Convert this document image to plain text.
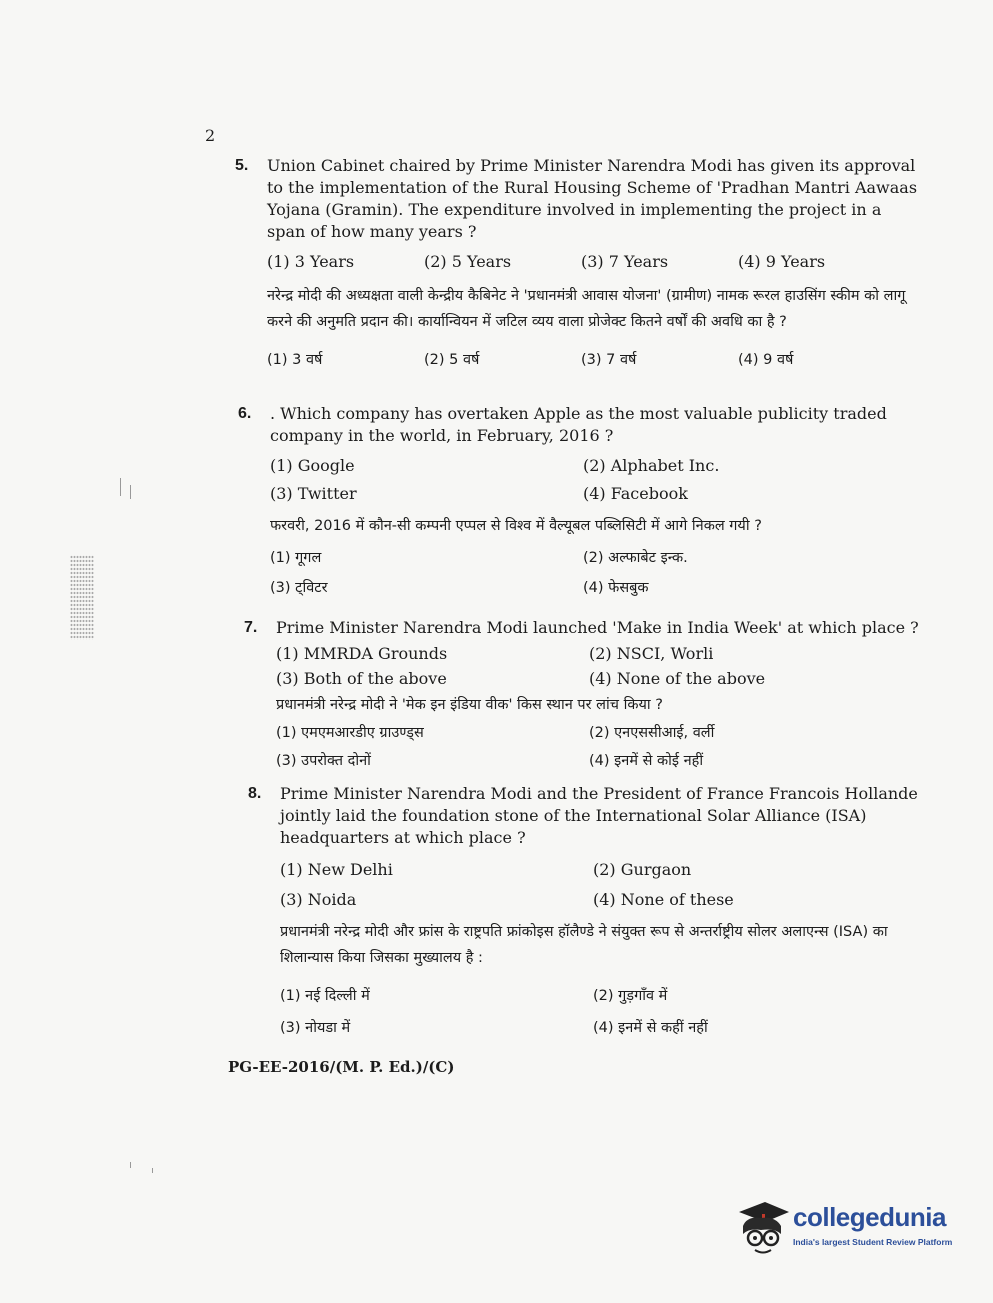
2
5. Union Cabinet chaired by Prime Minister Narendra Modi has given its approval to the implementation of the Rural Housing Scheme of 'Pradhan Mantri Aawaas Yojana (Gramin). The expenditure involved in implementing the project in a span of how many years ?
(1) 3 Years	(2) 5 Years	(3) 7 Years	(4) 9 Years
नरेन्द्र मोदी की अध्यक्षता वाली केन्द्रीय कैबिनेट ने 'प्रधानमंत्री आवास योजना' (ग्रामीण) नामक रूरल हाउसिंग स्कीम को लागू करने की अनुमति प्रदान की। कार्यान्वियन में जटिल व्यय वाला प्रोजेक्ट कितने वर्षों की अवधि का है ?
(1) 3 वर्ष	(2) 5 वर्ष	(3) 7 वर्ष	(4) 9 वर्ष
6. . Which company has overtaken Apple as the most valuable publicity traded company in the world, in February, 2016 ?
(1) Google	(2) Alphabet Inc.
(3) Twitter	(4) Facebook
फरवरी, 2016 में कौन-सी कम्पनी एप्पल से विश्व में वैल्यूबल पब्लिसिटी में आगे निकल गयी ?
(1) गूगल	(2) अल्फाबेट इन्क.
(3) ट्विटर	(4) फेसबुक
7. Prime Minister Narendra Modi launched 'Make in India Week' at which place ?
(1) MMRDA Grounds	(2) NSCI, Worli
(3) Both of the above	(4) None of the above
प्रधानमंत्री नरेन्द्र मोदी ने 'मेक इन इंडिया वीक' किस स्थान पर लांच किया ?
(1) एमएमआरडीए ग्राउण्ड्स	(2) एनएससीआई, वर्ली
(3) उपरोक्त दोनों	(4) इनमें से कोई नहीं
8. Prime Minister Narendra Modi and the President of France Francois Hollande jointly laid the foundation stone of the International Solar Alliance (ISA) headquarters at which place ?
(1) New Delhi	(2) Gurgaon
(3) Noida	(4) None of these
प्रधानमंत्री नरेन्द्र मोदी और फ्रांस के राष्ट्रपति फ्रांकोइस हॉलैण्डे ने संयुक्त रूप से अन्तर्राष्ट्रीय सोलर अलाएन्स (ISA) का शिलान्यास किया जिसका मुख्यालय है :
(1) नई दिल्ली में	(2) गुड़गाँव में
(3) नोयडा में	(4) इनमें से कहीं नहीं
PG-EE-2016/(M. P. Ed.)/(C)
collegedunia
India's largest Student Review Platform
